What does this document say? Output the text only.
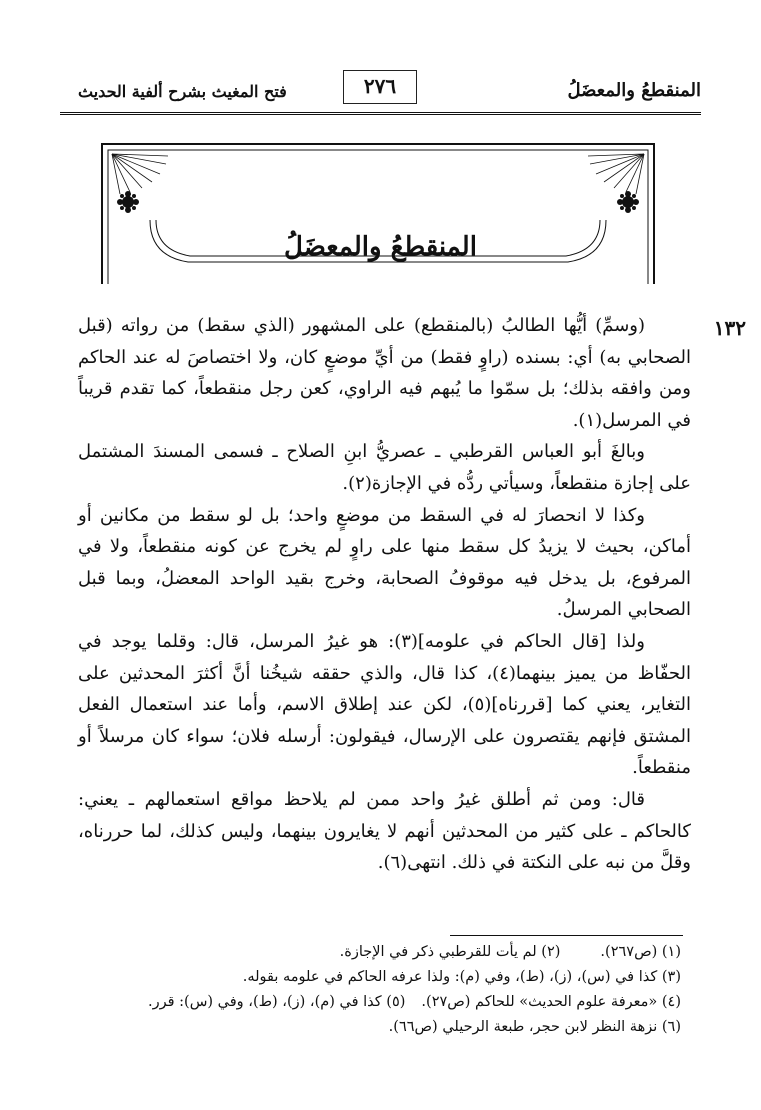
المنقطعُ والمعضَلُ
٢٧٦
فتح المغيث بشرح ألفية الحديث
المنقطعُ والمعضَلُ
١٣٢

(وسمِّ) أيُّها الطالبُ (بالمنقطع) على المشهور (الذي سقط) من رواته (قبل الصحابي به) أي: بسنده (راوٍ فقط) من أيِّ موضعٍ كان، ولا اختصاصَ له عند الحاكم ومن وافقه بذلك؛ بل سمّوا ما يُبهم فيه الراوي، كعن رجل منقطعاً، كما تقدم قريباً في المرسل(١).

وبالغَ أبو العباس القرطبي ـ عصريُّ ابنِ الصلاح ـ فسمى المسندَ المشتمل على إجازة منقطعاً، وسيأتي ردُّه في الإجازة(٢).

وكذا لا انحصارَ له في السقط من موضعٍ واحد؛ بل لو سقط من مكانين أو أماكن، بحيث لا يزيدُ كل سقط منها على راوٍ لم يخرج عن كونه منقطعاً، ولا في المرفوع، بل يدخل فيه موقوفُ الصحابة، وخرج بقيد الواحد المعضلُ، وبما قبل الصحابي المرسلُ.

ولذا [قال الحاكم في علومه](٣): هو غيرُ المرسل، قال: وقلما يوجد في الحفّاظ من يميز بينهما(٤)، كذا قال، والذي حققه شيخُنا أنَّ أكثرَ المحدثين على التغاير، يعني كما [قررناه](٥)، لكن عند إطلاق الاسم، وأما عند استعمال الفعل المشتق فإنهم يقتصرون على الإرسال، فيقولون: أرسله فلان؛ سواء كان مرسلاً أو منقطعاً.

قال: ومن ثم أطلق غيرُ واحد ممن لم يلاحظ مواقع استعمالهم ـ يعني: كالحاكم ـ على كثير من المحدثين أنهم لا يغايرون بينهما، وليس كذلك، لما حررناه، وقلَّ من نبه على النكتة في ذلك. انتهى(٦).

(١) (ص٢٦٧).(٢) لم يأت للقرطبي ذكر في الإجازة.
(٣) كذا في (س)، (ز)، (ط)، وفي (م): ولذا عرفه الحاكم في علومه بقوله.
(٤) «معرفة علوم الحديث» للحاكم (ص٢٧).(٥) كذا في (م)، (ز)، (ط)، وفي (س): قرر.
(٦) نزهة النظر لابن حجر، طبعة الرحيلي (ص٦٦).
